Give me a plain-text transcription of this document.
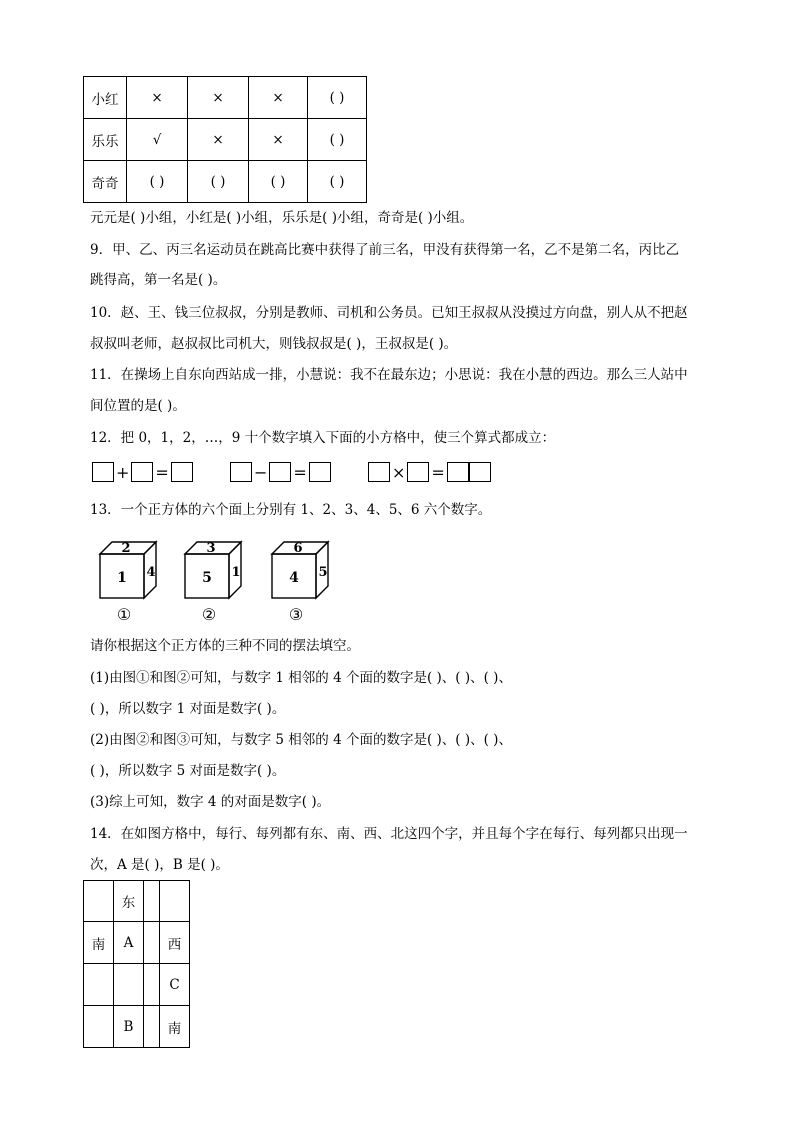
小红	×	×	×	( )
乐乐	√	×	×	( )
奇奇	( )	( )	( )	( )
元元是( )小组，小红是( )小组，乐乐是( )小组，奇奇是( )小组。
9．甲、乙、丙三名运动员在跳高比赛中获得了前三名，甲没有获得第一名，乙不是第二名，丙比乙
跳得高，第一名是( )。
10．赵、王、钱三位叔叔，分别是教师、司机和公务员。已知王叔叔从没摸过方向盘，别人从不把赵
叔叔叫老师，赵叔叔比司机大，则钱叔叔是( )，王叔叔是( )。
11．在操场上自东向西站成一排，小慧说：我不在最东边；小思说：我在小慧的西边。那么三人站中
间位置的是( )。
12．把 0，1，2，…，9 十个数字填入下面的小方格中，使三个算式都成立：
+ =	− =	× =
13．一个正方体的六个面上分别有 1、2、3、4、5、6 六个数字。
2
1 4
①
3
5 1
②
6
4 5
③
请你根据这个正方体的三种不同的摆法填空。
(1)由图①和图②可知，与数字 1 相邻的 4 个面的数字是( )、( )、( )、
( )，所以数字 1 对面是数字( )。
(2)由图②和图③可知，与数字 5 相邻的 4 个面的数字是( )、( )、( )、
( )，所以数字 5 对面是数字( )。
(3)综上可知，数字 4 的对面是数字( )。
14．在如图方格中，每行、每列都有东、南、西、北这四个字，并且每个字在每行、每列都只出现一
次，A 是( )，B 是( )。
	东		
南	A		西
			C
	B		南
